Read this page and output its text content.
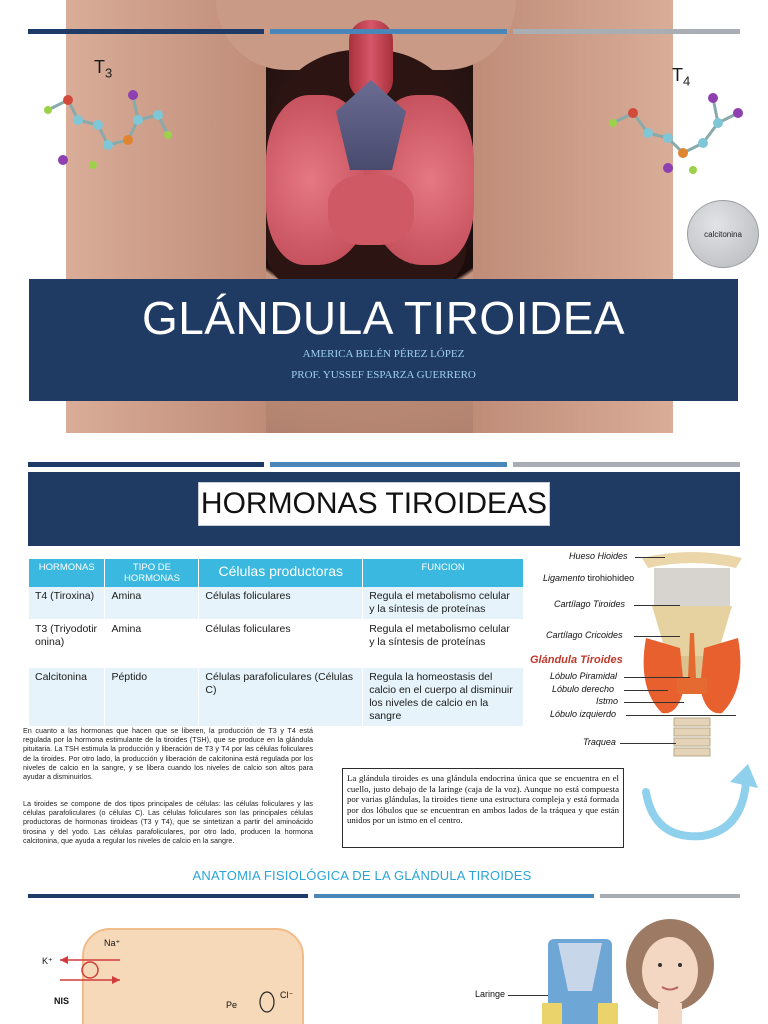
$T_3$	$T_4$
calcitonina
GLÁNDULA TIROIDEA
AMERICA BELÉN PÉREZ LÓPEZ
PROF. YUSSEF ESPARZA GUERRERO
HORMONAS TIROIDEAS
HORMONAS	TIPO DE HORMONAS	Células productoras	FUNCION
T4 (Tiroxina)	Amina	Células foliculares	Regula el metabolismo celular y la síntesis de proteínas
T3 (Triyodotironina)	Amina	Células foliculares	Regula el metabolismo celular y la síntesis de proteínas
Calcitonina	Péptido	Células parafoliculares (Células C)	Regula la homeostasis del calcio en el cuerpo al disminuir los niveles de calcio en la sangre
En cuanto a las hormonas que hacen que se liberen, la producción de T3 y T4 está regulada por la hormona estimulante de la tiroides (TSH), que se produce en la glándula pituitaria. La TSH estimula la producción y liberación de T3 y T4 por las células foliculares de la tiroides. Por otro lado, la producción y liberación de calcitonina está regulada por los niveles de calcio en la sangre, y se libera cuando los niveles de calcio son altos para ayudar a disminuirlos.
La tiroides se compone de dos tipos principales de células: las células foliculares y las células parafoliculares (o células C). Las células foliculares son las principales células productoras de hormonas tiroideas (T3 y T4), que se sintetizan a partir del aminoácido tirosina y del yodo. Las células parafoliculares, por otro lado, producen la hormona calcitonina, que ayuda a regular los niveles de calcio en la sangre.
Hueso Hioides
Ligamento tirohiohideo
Cartílago Tiroides
Cartílago Cricoides
Glándula Tiroides
Lóbulo Piramidal
Lóbulo derecho
Istmo
Lóbulo izquierdo
Traquea
La glándula tiroides es una glándula endocrina única que se encuentra en el cuello, justo debajo de la laringe (caja de la voz). Aunque no está compuesta por varias glándulas, la tiroides tiene una estructura compleja y está formada por dos lóbulos que se encuentran en ambos lados de la tráquea y que están unidos por un istmo en el centro.
ANATOMIA FISIOLÓGICA DE LA GLÁNDULA TIROIDES
Na⁺
K⁺
NIS
Cl⁻
Pe
Laringe
